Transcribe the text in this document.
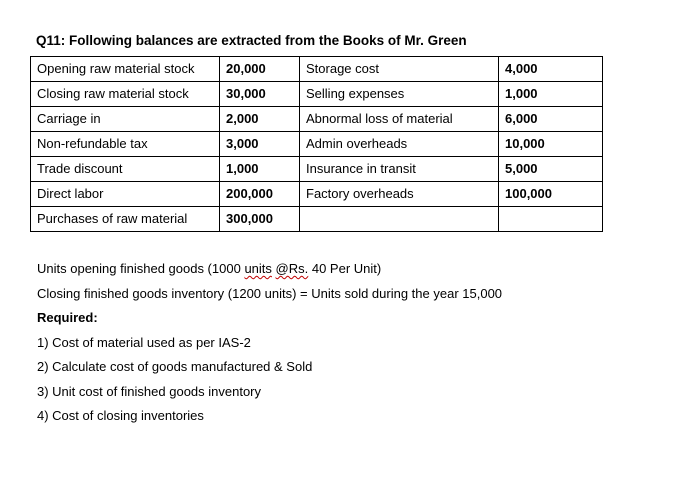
Q11: Following balances are extracted from the Books of Mr. Green
Opening raw material stock	20,000	Storage cost	4,000
Closing raw material stock	30,000	Selling expenses	1,000
Carriage in	2,000	Abnormal loss of material	6,000
Non-refundable tax	3,000	Admin overheads	10,000
Trade discount	1,000	Insurance in transit	5,000
Direct labor	200,000	Factory overheads	100,000
Purchases of raw material	300,000		
Units opening finished goods (1000 units @Rs. 40 Per Unit)
Closing finished goods inventory (1200 units) = Units sold during the year 15,000
Required:
1) Cost of material used as per IAS-2
2) Calculate cost of goods manufactured & Sold
3) Unit cost of finished goods inventory
4) Cost of closing inventories
